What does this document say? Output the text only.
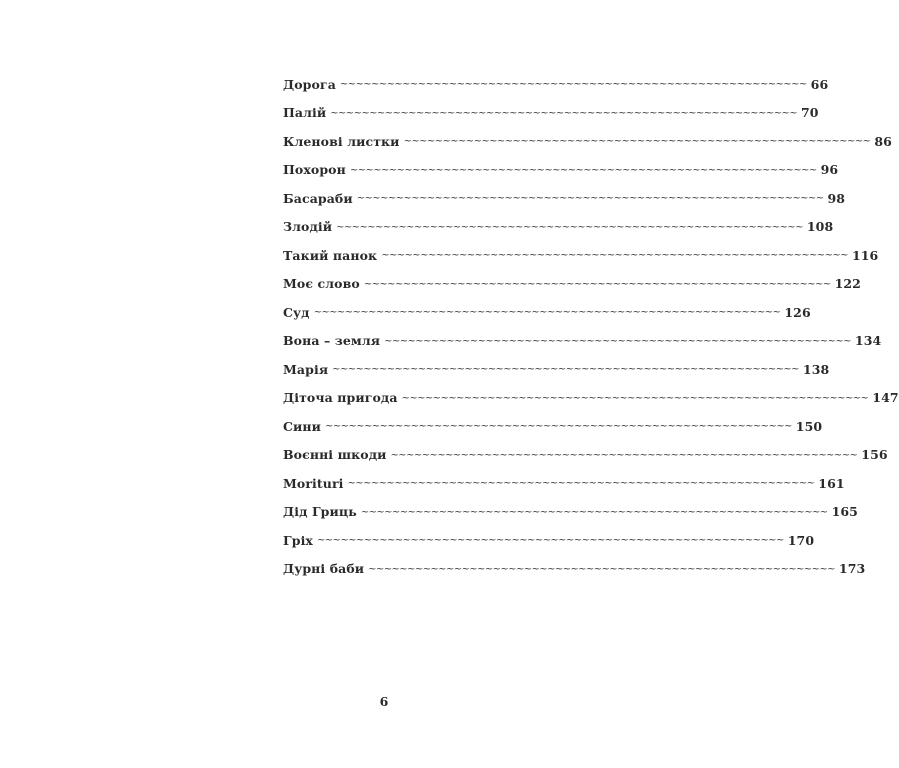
Дорога ~~~~~~~~~~~~~~~~~~~~~~~~~~~~~~~~~~~~~~~~~~~~~~~~~~~~~~~~~~~~ 66
Палій ~~~~~~~~~~~~~~~~~~~~~~~~~~~~~~~~~~~~~~~~~~~~~~~~~~~~~~~~~~~~ 70
Кленові листки ~~~~~~~~~~~~~~~~~~~~~~~~~~~~~~~~~~~~~~~~~~~~~~~~~~~~~~~~~~~~ 86
Похорон ~~~~~~~~~~~~~~~~~~~~~~~~~~~~~~~~~~~~~~~~~~~~~~~~~~~~~~~~~~~~ 96
Басараби ~~~~~~~~~~~~~~~~~~~~~~~~~~~~~~~~~~~~~~~~~~~~~~~~~~~~~~~~~~~~ 98
Злодій ~~~~~~~~~~~~~~~~~~~~~~~~~~~~~~~~~~~~~~~~~~~~~~~~~~~~~~~~~~~~ 108
Такий панок ~~~~~~~~~~~~~~~~~~~~~~~~~~~~~~~~~~~~~~~~~~~~~~~~~~~~~~~~~~~~ 116
Моє слово ~~~~~~~~~~~~~~~~~~~~~~~~~~~~~~~~~~~~~~~~~~~~~~~~~~~~~~~~~~~~ 122
Суд ~~~~~~~~~~~~~~~~~~~~~~~~~~~~~~~~~~~~~~~~~~~~~~~~~~~~~~~~~~~~ 126
Вона – земля ~~~~~~~~~~~~~~~~~~~~~~~~~~~~~~~~~~~~~~~~~~~~~~~~~~~~~~~~~~~~ 134
Марія ~~~~~~~~~~~~~~~~~~~~~~~~~~~~~~~~~~~~~~~~~~~~~~~~~~~~~~~~~~~~ 138
Діточа пригода ~~~~~~~~~~~~~~~~~~~~~~~~~~~~~~~~~~~~~~~~~~~~~~~~~~~~~~~~~~~~ 147
Сини ~~~~~~~~~~~~~~~~~~~~~~~~~~~~~~~~~~~~~~~~~~~~~~~~~~~~~~~~~~~~ 150
Воєнні шкоди ~~~~~~~~~~~~~~~~~~~~~~~~~~~~~~~~~~~~~~~~~~~~~~~~~~~~~~~~~~~~ 156
Morituri ~~~~~~~~~~~~~~~~~~~~~~~~~~~~~~~~~~~~~~~~~~~~~~~~~~~~~~~~~~~~ 161
Дід Гриць ~~~~~~~~~~~~~~~~~~~~~~~~~~~~~~~~~~~~~~~~~~~~~~~~~~~~~~~~~~~~ 165
Гріх ~~~~~~~~~~~~~~~~~~~~~~~~~~~~~~~~~~~~~~~~~~~~~~~~~~~~~~~~~~~~ 170
Дурні баби ~~~~~~~~~~~~~~~~~~~~~~~~~~~~~~~~~~~~~~~~~~~~~~~~~~~~~~~~~~~~ 173
6
